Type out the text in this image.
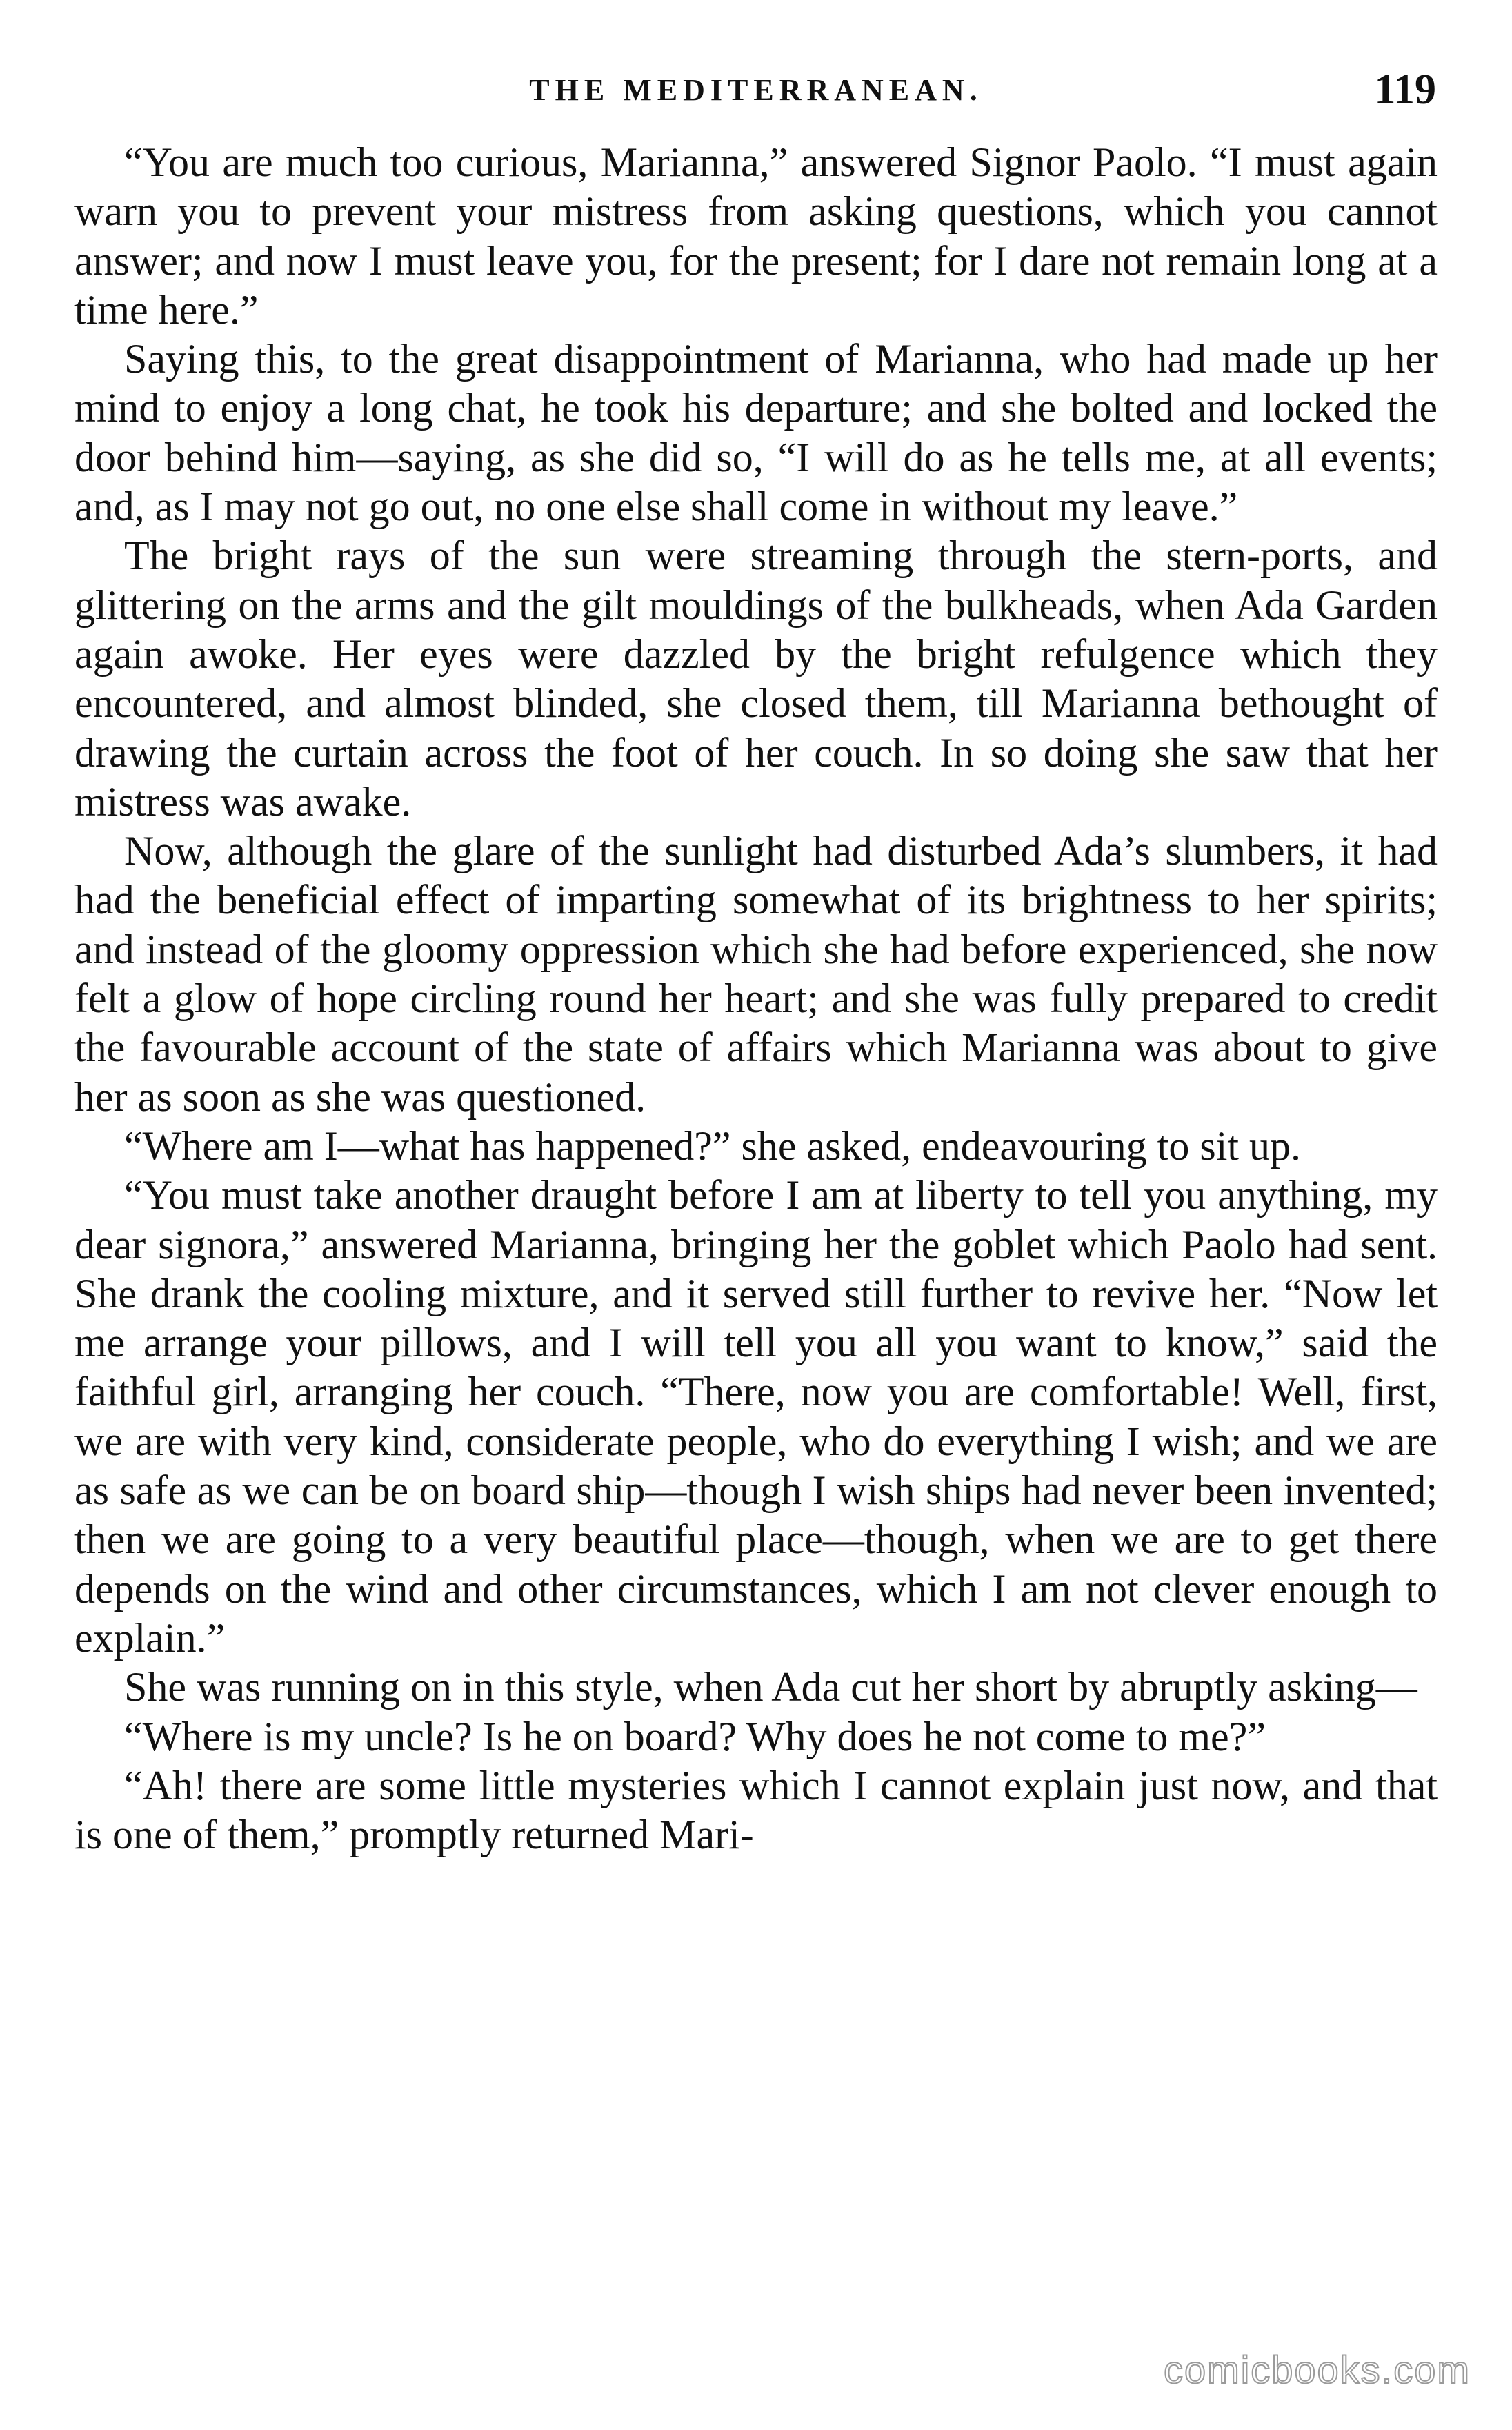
THE MEDITERRANEAN.	119

“You are much too curious, Marianna,” answered Signor Paolo. “I must again warn you to prevent your mistress from asking questions, which you cannot answer; and now I must leave you, for the present; for I dare not remain long at a time here.”

Saying this, to the great disappointment of Marianna, who had made up her mind to enjoy a long chat, he took his departure; and she bolted and locked the door behind him—saying, as she did so, “I will do as he tells me, at all events; and, as I may not go out, no one else shall come in without my leave.”

The bright rays of the sun were streaming through the stern-ports, and glittering on the arms and the gilt mouldings of the bulkheads, when Ada Garden again awoke. Her eyes were dazzled by the bright refulgence which they encountered, and almost blinded, she closed them, till Marianna bethought of drawing the curtain across the foot of her couch. In so doing she saw that her mistress was awake.

Now, although the glare of the sunlight had disturbed Ada’s slumbers, it had had the beneficial effect of imparting somewhat of its brightness to her spirits; and instead of the gloomy oppression which she had before experienced, she now felt a glow of hope circling round her heart; and she was fully prepared to credit the favourable account of the state of affairs which Marianna was about to give her as soon as she was questioned.

“Where am I—what has happened?” she asked, endeavouring to sit up.

“You must take another draught before I am at liberty to tell you anything, my dear signora,” answered Marianna, bringing her the goblet which Paolo had sent. She drank the cooling mixture, and it served still further to revive her. “Now let me arrange your pillows, and I will tell you all you want to know,” said the faithful girl, arranging her couch. “There, now you are comfortable! Well, first, we are with very kind, considerate people, who do everything I wish; and we are as safe as we can be on board ship—though I wish ships had never been invented; then we are going to a very beautiful place—though, when we are to get there depends on the wind and other circumstances, which I am not clever enough to explain.”

She was running on in this style, when Ada cut her short by abruptly asking—

“Where is my uncle? Is he on board? Why does he not come to me?”

“Ah! there are some little mysteries which I cannot explain just now, and that is one of them,” promptly returned Mari-

comicbooks.com
